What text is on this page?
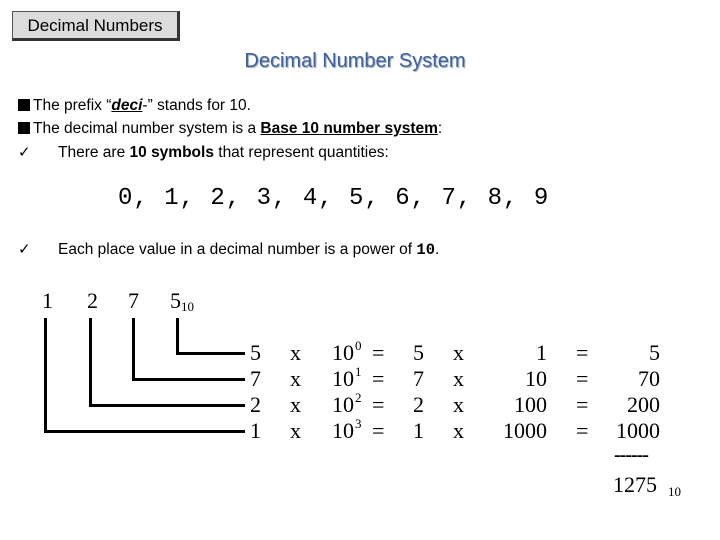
Decimal Numbers
Decimal Number System
The prefix “deci-” stands for 10.
The decimal number system is a Base 10 number system:
✓ There are 10 symbols that represent quantities:
0, 1, 2, 3, 4, 5, 6, 7, 8, 9
✓ Each place value in a decimal number is a power of 10.
1 2 7 5 10
5 x 10 0 = 5 x	1 =	5
7 x 10 1 = 7 x	10 =	70
2 x 10 2 = 2 x	100 =	200
1 x 10 3 = 1 x	1000 =	1000
------
1275 10
